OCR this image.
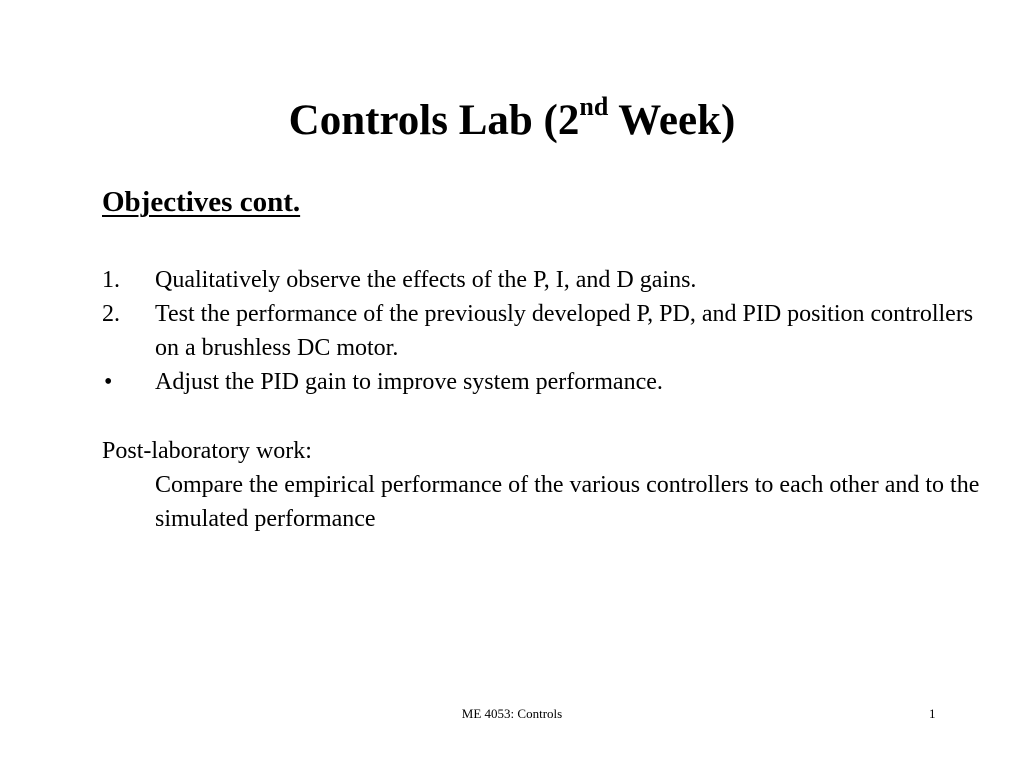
Controls Lab (2nd Week)
Objectives cont.
1.	Qualitatively observe the effects of the P, I, and D gains.
2.	Test the performance of the previously developed P, PD, and PID position controllers on a brushless DC motor.
•	Adjust the PID gain to improve system performance.
Post-laboratory work:

Compare the empirical performance of the various controllers to each other and to the simulated performance

ME 4053: Controls	1
